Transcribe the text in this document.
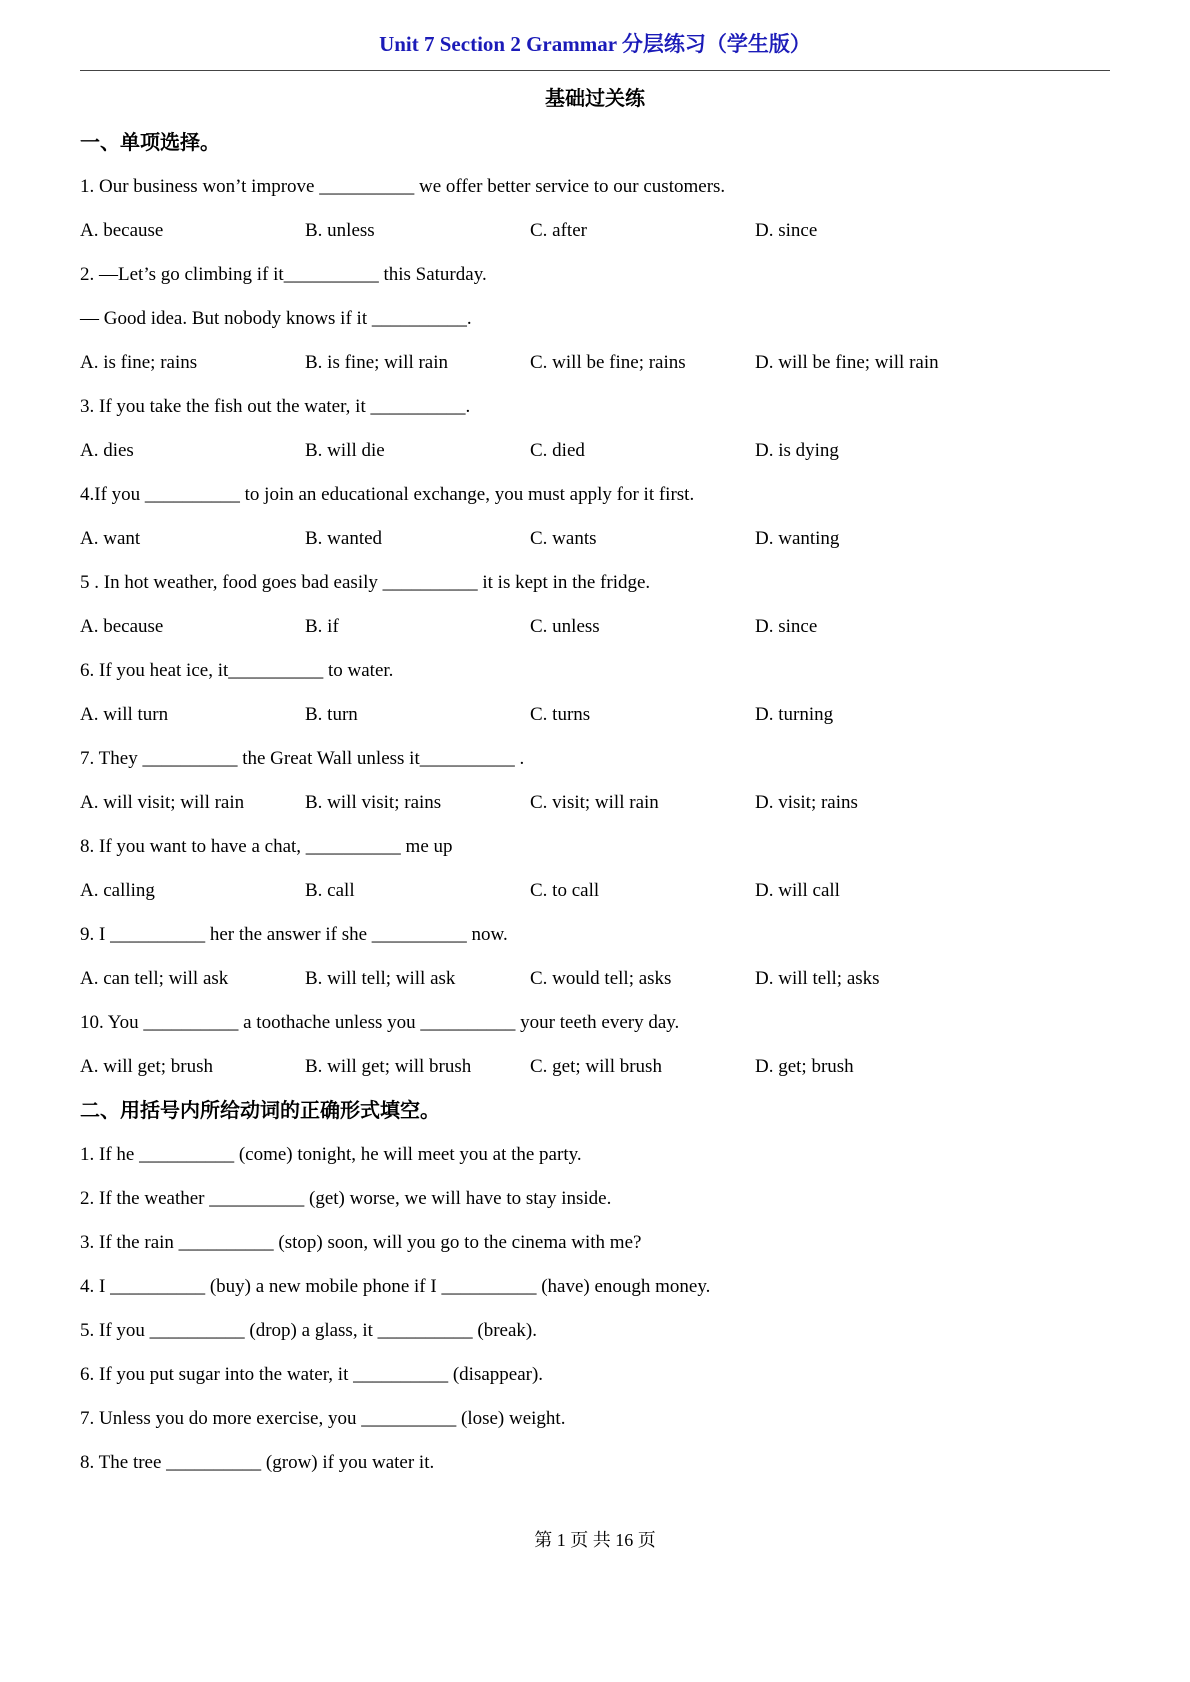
Unit 7 Section 2 Grammar 分层练习（学生版）
基础过关练
一、单项选择。

1. Our business won’t improve __________ we offer better service to our customers.

A. because	B. unless	C. after	D. since

2. —Let’s go climbing if it__________ this Saturday.

— Good idea. But nobody knows if it __________.

A. is fine; rains	B. is fine; will rain	C. will be fine; rains	D. will be fine; will rain

3. If you take the fish out the water, it __________.

A. dies	B. will die	C. died	D. is dying

4.If you __________ to join an educational exchange, you must apply for it first.

A. want	B. wanted	C. wants	D. wanting

5 . In hot weather, food goes bad easily __________ it is kept in the fridge.

A. because	B. if	C. unless	D. since

6. If you heat ice, it__________ to water.

A. will turn	B. turn	C. turns	D. turning

7. They __________ the Great Wall unless it__________ .

A. will visit; will rain	B. will visit; rains	C. visit; will rain	D. visit; rains

8. If you want to have a chat, __________ me up

A. calling	B. call	C. to call	D. will call

9. I __________ her the answer if she __________ now.

A. can tell; will ask	B. will tell; will ask	C. would tell; asks	D. will tell; asks

10. You __________ a toothache unless you __________ your teeth every day.

A. will get; brush	B. will get; will brush	C. get; will brush	D. get; brush
二、用括号内所给动词的正确形式填空。

1. If he __________ (come) tonight, he will meet you at the party.

2. If the weather __________ (get) worse, we will have to stay inside.

3. If the rain __________ (stop) soon, will you go to the cinema with me?

4. I __________ (buy) a new mobile phone if I __________ (have) enough money.

5. If you __________ (drop) a glass, it __________ (break).

6. If you put sugar into the water, it __________ (disappear).

7. Unless you do more exercise, you __________ (lose) weight.

8. The tree __________ (grow) if you water it.

第 1 页 共 16 页
